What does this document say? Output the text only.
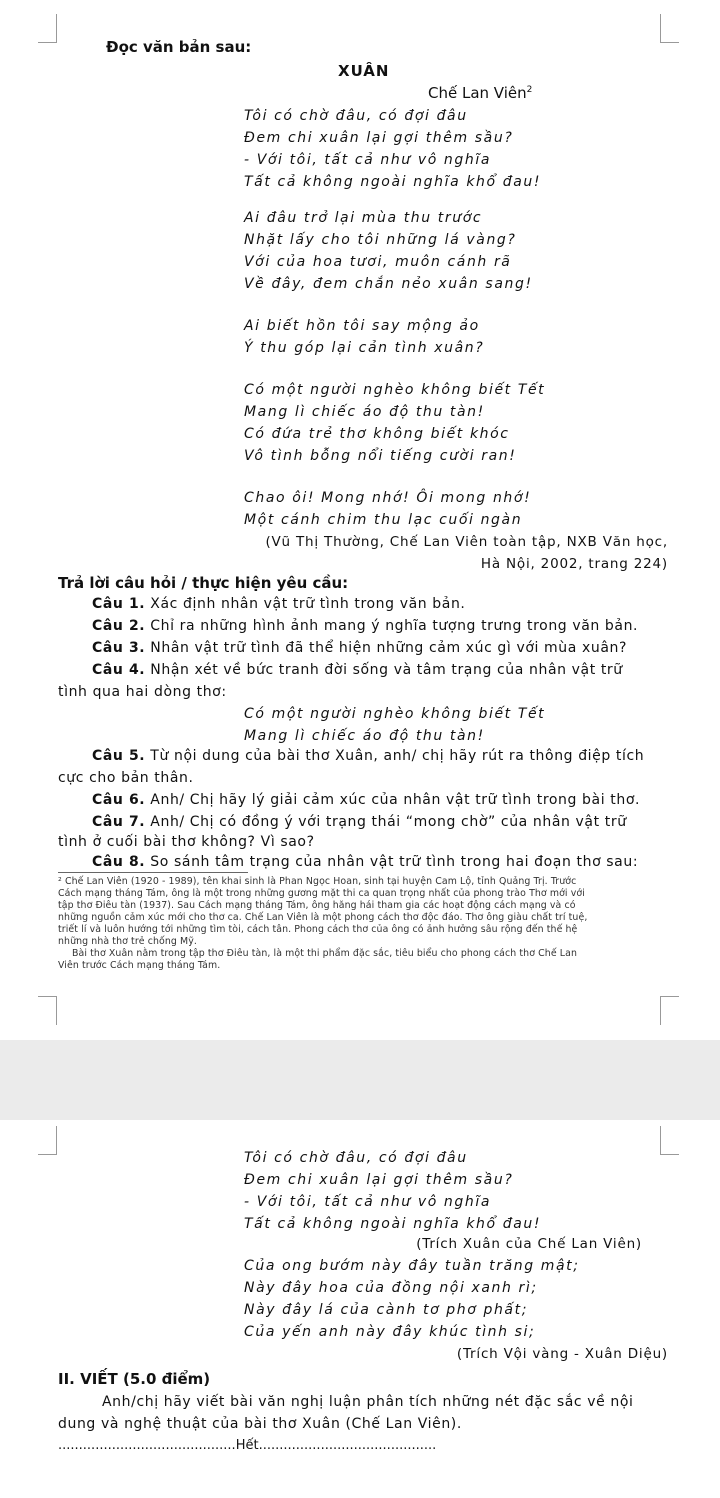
Đọc văn bản sau:
XUÂN
Chế Lan Viên$^2$
Tôi có chờ đâu, có đợi đâu
Đem chi xuân lại gợi thêm sầu?
- Với tôi, tất cả như vô nghĩa
Tất cả không ngoài nghĩa khổ đau!
Ai đâu trở lại mùa thu trước
Nhặt lấy cho tôi những lá vàng?
Với của hoa tươi, muôn cánh rã
Về đây, đem chắn nẻo xuân sang!
Ai biết hồn tôi say mộng ảo
Ý thu góp lại cản tình xuân?
Có một người nghèo không biết Tết
Mang lì chiếc áo độ thu tàn!
Có đứa trẻ thơ không biết khóc
Vô tình bỗng nổi tiếng cười ran!
Chao ôi! Mong nhớ! Ôi mong nhớ!
Một cánh chim thu lạc cuối ngàn
(Vũ Thị Thường, Chế Lan Viên toàn tập, NXB Văn học,
Hà Nội, 2002, trang 224)
Trả lời câu hỏi / thực hiện yêu cầu:
Câu 1. Xác định nhân vật trữ tình trong văn bản.
Câu 2. Chỉ ra những hình ảnh mang ý nghĩa tượng trưng trong văn bản.
Câu 3. Nhân vật trữ tình đã thể hiện những cảm xúc gì với mùa xuân?
Câu 4. Nhận xét về bức tranh đời sống và tâm trạng của nhân vật trữ
tình qua hai dòng thơ:
Có một người nghèo không biết Tết
Mang lì chiếc áo độ thu tàn!
Câu 5. Từ nội dung của bài thơ Xuân, anh/ chị hãy rút ra thông điệp tích
cực cho bản thân.
Câu 6. Anh/ Chị hãy lý giải cảm xúc của nhân vật trữ tình trong bài thơ.
Câu 7. Anh/ Chị có đồng ý với trạng thái “mong chờ” của nhân vật trữ
tình ở cuối bài thơ không? Vì sao?
Câu 8. So sánh tâm trạng của nhân vật trữ tình trong hai đoạn thơ sau:
² Chế Lan Viên (1920 - 1989), tên khai sinh là Phan Ngọc Hoan, sinh tại huyện Cam Lộ, tỉnh Quảng Trị. Trước
Cách mạng tháng Tám, ông là một trong những gương mặt thi ca quan trọng nhất của phong trào Thơ mới với
tập thơ Điêu tàn (1937). Sau Cách mạng tháng Tám, ông hăng hái tham gia các hoạt động cách mạng và có
những nguồn cảm xúc mới cho thơ ca. Chế Lan Viên là một phong cách thơ độc đáo. Thơ ông giàu chất trí tuệ,
triết lí và luôn hướng tới những tìm tòi, cách tân. Phong cách thơ của ông có ảnh hưởng sâu rộng đến thế hệ
những nhà thơ trẻ chống Mỹ.
Bài thơ Xuân nằm trong tập thơ Điêu tàn, là một thi phẩm đặc sắc, tiêu biểu cho phong cách thơ Chế Lan
Viên trước Cách mạng tháng Tám.
Tôi có chờ đâu, có đợi đâu
Đem chi xuân lại gợi thêm sầu?
- Với tôi, tất cả như vô nghĩa
Tất cả không ngoài nghĩa khổ đau!
(Trích Xuân của Chế Lan Viên)
Của ong bướm này đây tuần trăng mật;
Này đây hoa của đồng nội xanh rì;
Này đây lá của cành tơ phơ phất;
Của yến anh này đây khúc tình si;
(Trích Vội vàng - Xuân Diệu)
II. VIẾT (5.0 điểm)
Anh/chị hãy viết bài văn nghị luận phân tích những nét đặc sắc về nội
dung và nghệ thuật của bài thơ Xuân (Chế Lan Viên).
...........................................Hết...........................................
